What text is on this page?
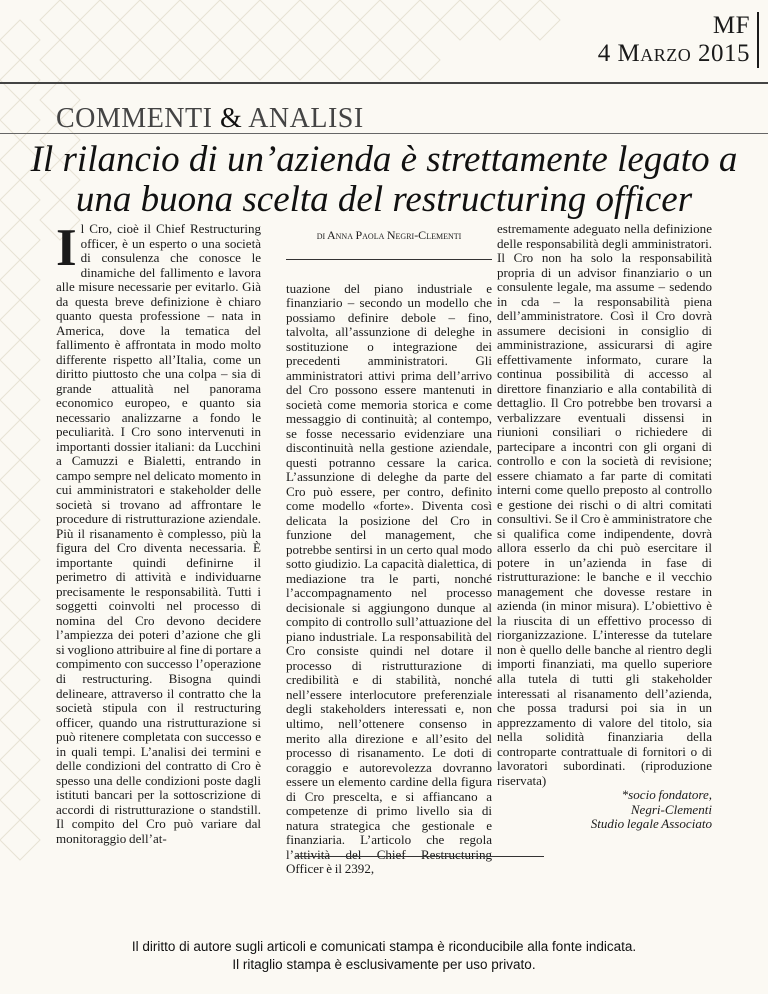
MF
4 Marzo 2015
COMMENTI & ANALISI
Il rilancio di un’azienda è strettamente legato a una buona scelta del restructuring officer
Il Cro, cioè il Chief Restructuring officer, è un esperto o una società di consulenza che conosce le dinamiche del fallimento e lavora alle misure necessarie per evitarlo. Già da questa breve definizione è chiaro quanto questa professione – nata in America, dove la tematica del fallimento è affrontata in modo molto differente rispetto all’Italia, come un diritto piuttosto che una colpa – sia di grande attualità nel panorama economico europeo, e quanto sia necessario analizzarne a fondo le peculiarità. I Cro sono intervenuti in importanti dossier italiani: da Lucchini a Camuzzi e Bialetti, entrando in campo sempre nel delicato momento in cui amministratori e stakeholder delle società si trovano ad affrontare le procedure di ristrutturazione aziendale. Più il risanamento è complesso, più la figura del Cro diventa necessaria. È importante quindi definirne il perimetro di attività e individuarne precisamente le responsabilità. Tutti i soggetti coinvolti nel processo di nomina del Cro devono decidere l’ampiezza dei poteri d’azione che gli si vogliono attribuire al fine di portare a compimento con successo l’operazione di restructuring. Bisogna quindi delineare, attraverso il contratto che la società stipula con il restructuring officer, quando una ristrutturazione si può ritenere completata con successo e in quali tempi. L’analisi dei termini e delle condizioni del contratto di Cro è spesso una delle condizioni poste dagli istituti bancari per la sottoscrizione di accordi di ristrutturazione o standstill. Il compito del Cro può variare dal monitoraggio dell’at-
di Anna Paola Negri-Clementi
tuazione del piano industriale e finanziario – secondo un modello che possiamo definire debole – fino, talvolta, all’assunzione di deleghe in sostituzione o integrazione dei precedenti amministratori. Gli amministratori attivi prima dell’arrivo del Cro possono essere mantenuti in società come memoria storica e come messaggio di continuità; al contempo, se fosse necessario evidenziare una discontinuità nella gestione aziendale, questi potranno cessare la carica. L’assunzione di deleghe da parte del Cro può essere, per contro, definito come modello «forte». Diventa così delicata la posizione del Cro in funzione del management, che potrebbe sentirsi in un certo qual modo sotto giudizio. La capacità dialettica, di mediazione tra le parti, nonché l’accompagnamento nel processo decisionale si aggiungono dunque al compito di controllo sull’attuazione del piano industriale. La responsabilità del Cro consiste quindi nel dotare il processo di ristrutturazione di credibilità e di stabilità, nonché nell’essere interlocutore preferenziale degli stakeholders interessati e, non ultimo, nell’ottenere consenso in merito alla direzione e all’esito del processo di risanamento. Le doti di coraggio e autorevolezza dovranno essere un elemento cardine della figura di Cro prescelta, e si affiancano a competenze di primo livello sia di natura strategica che gestionale e finanziaria. L’articolo che regola l’attività del Chief Restructuring Officer è il 2392,
estremamente adeguato nella definizione delle responsabilità degli amministratori. Il Cro non ha solo la responsabilità propria di un advisor finanziario o un consulente legale, ma assume – sedendo in cda – la responsabilità piena dell’amministratore. Così il Cro dovrà assumere decisioni in consiglio di amministrazione, assicurarsi di agire effettivamente informato, curare la continua possibilità di accesso al direttore finanziario e alla contabilità di dettaglio. Il Cro potrebbe ben trovarsi a verbalizzare eventuali dissensi in riunioni consiliari o richiedere di partecipare a incontri con gli organi di controllo e con la società di revisione; essere chiamato a far parte di comitati interni come quello preposto al controllo e gestione dei rischi o di altri comitati consultivi. Se il Cro è amministratore che si qualifica come indipendente, dovrà allora esserlo da chi può esercitare il potere in un’azienda in fase di ristrutturazione: le banche e il vecchio management che dovesse restare in azienda (in minor misura). L’obiettivo è la riuscita di un effettivo processo di riorganizzazione. L’interesse da tutelare non è quello delle banche al rientro degli importi finanziati, ma quello superiore alla tutela di tutti gli stakeholder interessati al risanamento dell’azienda, che possa tradursi poi sia in un apprezzamento di valore del titolo, sia nella solidità finanziaria della controparte contrattuale di fornitori o di lavoratori subordinati. (riproduzione riservata)
*socio fondatore,
Negri-Clementi
Studio legale Associato
Il diritto di autore sugli articoli e comunicati stampa è riconducibile alla fonte indicata.
Il ritaglio stampa è esclusivamente per uso privato.
